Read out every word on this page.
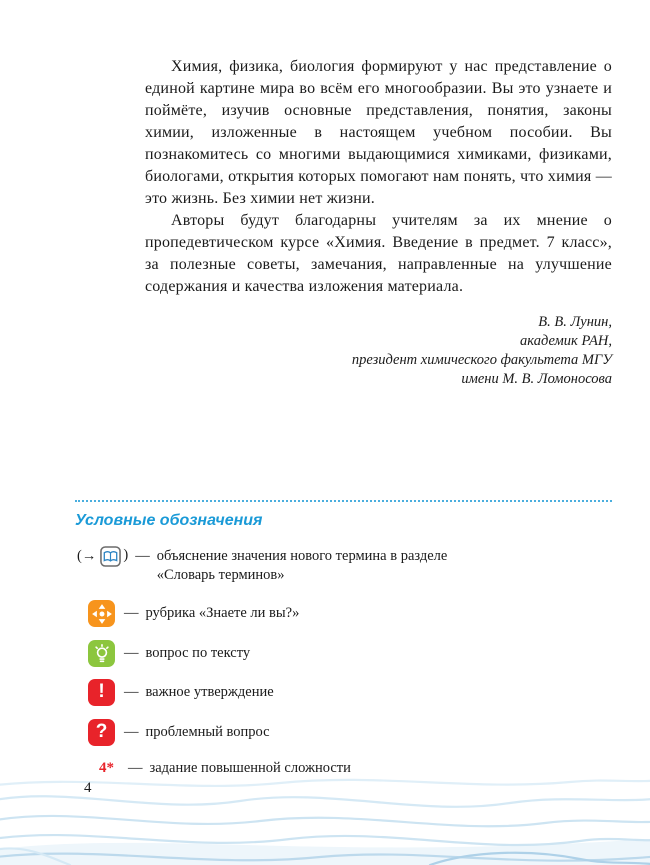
Химия, физика, биология формируют у нас представление о единой картине мира во всём его многообразии. Вы это узнаете и поймёте, изучив основные представления, понятия, законы химии, изложенные в настоящем учебном пособии. Вы познакомитесь со многими выдающимися химиками, физиками, биологами, открытия которых помогают нам понять, что химия — это жизнь. Без химии нет жизни.

Авторы будут благодарны учителям за их мнение о пропедевтическом курсе «Химия. Введение в предмет. 7 класс», за полезные советы, замечания, направленные на улучшение содержания и качества изложения материала.

В. В. Лунин,
академик РАН,
президент химического факультета МГУ
имени М. В. Ломоносова
Условные обозначения
(→ ) — объяснение значения нового термина в разделе «Словарь терминов»
— рубрика «Знаете ли вы?»
— вопрос по тексту
! — важное утверждение
? — проблемный вопрос
4* — задание повышенной сложности
4
